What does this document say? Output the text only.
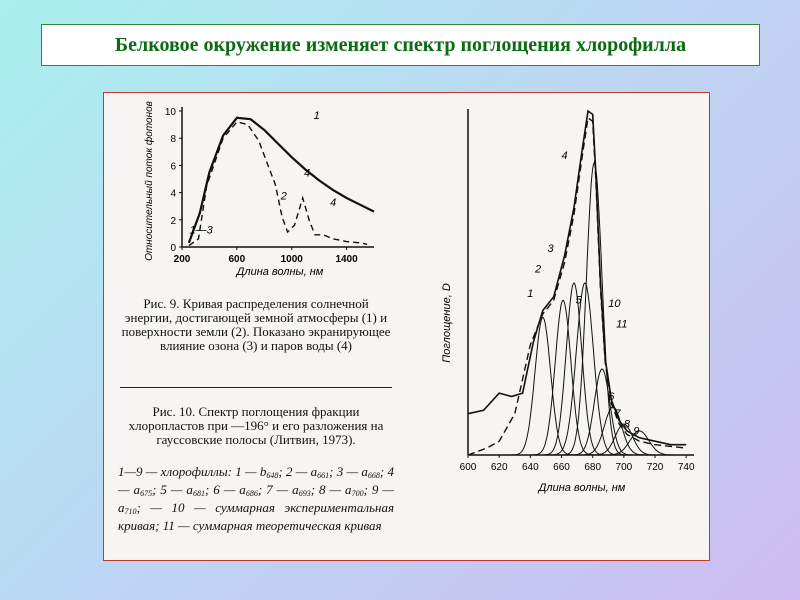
Белковое окружение изменяет спектр поглощения хлорофилла
0
2
4
6
8
10
200	600	1000	1400
Относительный поток фотонов
Длина волны, нм
1
2
4
4
1—3
600 620 640 660 680 700 720 740
Поглощение, D
Длина волны, нм
1
2
3
4
5
6
7
8
9
10
11
Рис. 9. Кривая распределения солнечной энергии, достигающей земной атмосферы (1) и поверхности земли (2). Показано экранирующее влияние озона (3) и паров воды (4)
Рис. 10. Спектр поглощения фракции хлоропластов при —196° и его разложения на гауссовские полосы (Литвин, 1973).
1—9 — хлорофиллы: 1 — $b_{648}$; 2 — $a_{661}$; 3 — $a_{668}$; 4 — $a_{675}$; 5 — $a_{681}$; 6 — $a_{686}$; 7 — $a_{693}$; 8 — $a_{700}$; 9 — $a_{710}$; — 10 — суммарная экспериментальная кривая; 11 — суммарная теоретическая кривая
